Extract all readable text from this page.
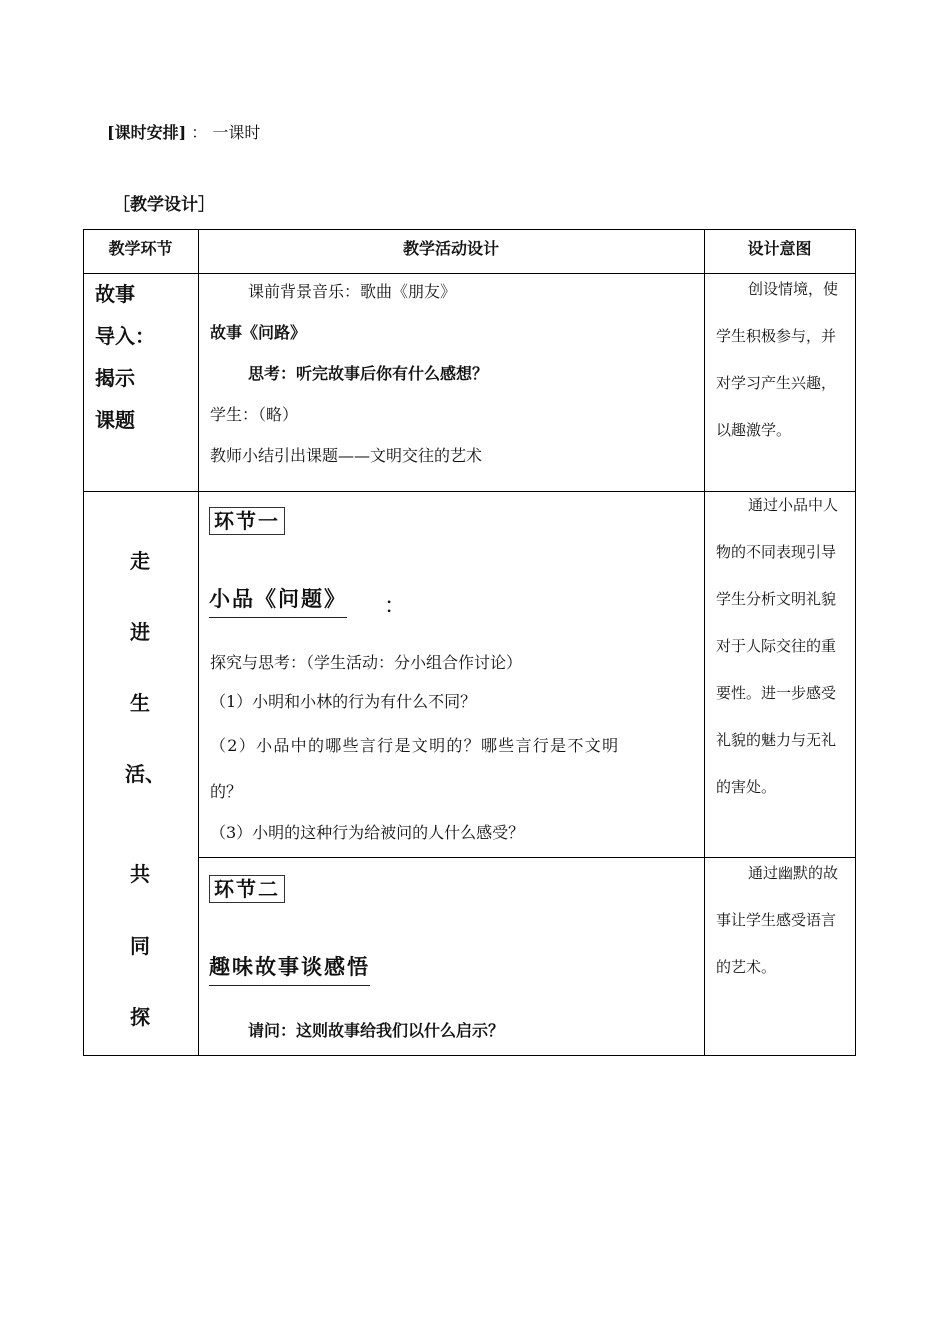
[课时安排] ： 一课时
［教学设计］
教学环节	教学活动设计	设计意图
故事
导入：
揭示
课题
课前背景音乐：歌曲《朋友》
故事《问路》
思考：听完故事后你有什么感想？
学生：（略）
教师小结引出课题——文明交往的艺术
创设情境，使
学生积极参与，并
对学习产生兴趣，
以趣激学。
走
进
生
活、
共
同
探
环节一
小品《问题》 ：
探究与思考：（学生活动：分小组合作讨论）
（1）小明和小林的行为有什么不同？
（2）小品中的哪些言行是文明的？哪些言行是不文明
的？
（3）小明的这种行为给被问的人什么感受？
通过小品中人
物的不同表现引导
学生分析文明礼貌
对于人际交往的重
要性。进一步感受
礼貌的魅力与无礼
的害处。
环节二
趣味故事谈感悟
请问：这则故事给我们以什么启示？
通过幽默的故
事让学生感受语言
的艺术。
